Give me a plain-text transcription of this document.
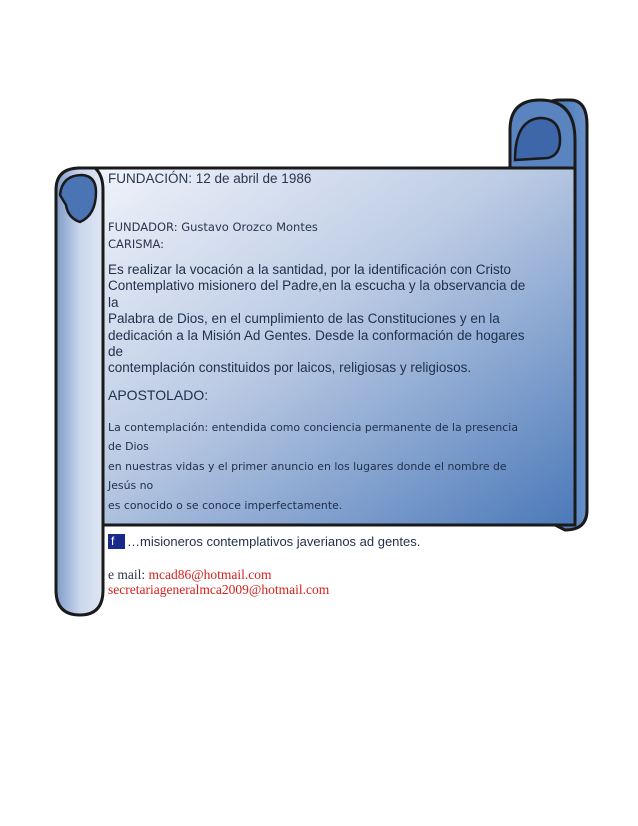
FUNDACIÓN: 12 de abril de 1986

FUNDADOR: Gustavo Orozco Montes
CARISMA:
Es realizar la vocación a la santidad, por la identificación con Cristo
Contemplativo misionero del Padre,en la escucha y la observancia de la
Palabra de Dios, en el cumplimiento de las Constituciones y en la
dedicación a la Misión Ad Gentes. Desde la conformación de hogares de
contemplación constituidos por laicos, religiosas y religiosos.

APOSTOLADO:

La contemplación: entendida como conciencia permanente de la presencia de Dios
en nuestras vidas y el primer anuncio en los lugares donde el nombre de Jesús no
es conocido o se conoce imperfectamente.
f …misioneros contemplativos javerianos ad gentes.
e mail: mcad86@hotmail.com
secretariageneralmca2009@hotmail.com
